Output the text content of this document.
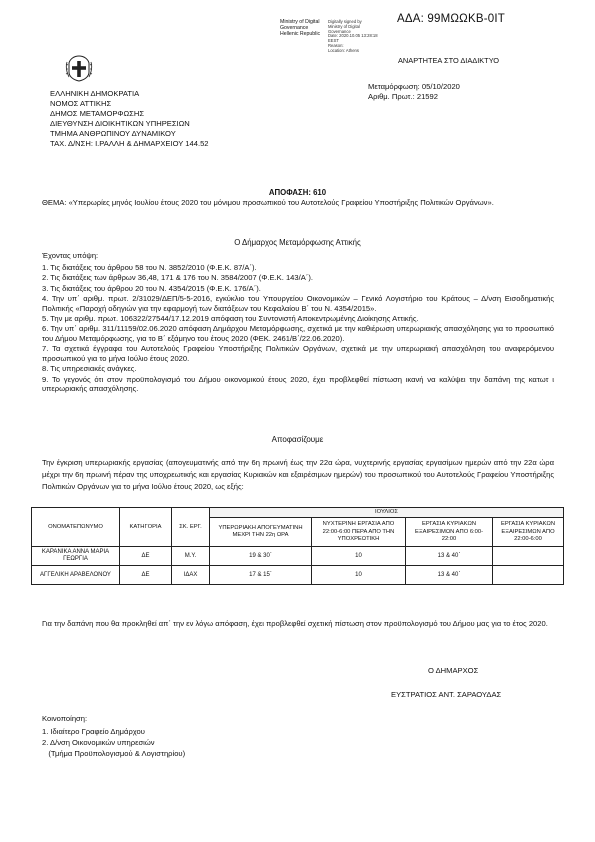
ΑΔΑ: 99ΜΩΩΚΒ-0ΙΤ
Ministry of Digital
Governance
Hellenic Republic
Digitally signed by
Ministry of Digital
Governance
Date: 2020.10.05 13:28:18
EEST
Reason:
Location: Athens
ΑΝΑΡΤΗΤΕΑ ΣΤΟ ΔΙΑΔΙΚΤΥΟ
ΕΛΛΗΝΙΚΗ ΔΗΜΟΚΡΑΤΙΑ
ΝΟΜΟΣ ΑΤΤΙΚΗΣ
ΔΗΜΟΣ ΜΕΤΑΜΟΡΦΩΣΗΣ
ΔΙΕΥΘΥΝΣΗ ΔΙΟΙΚΗΤΙΚΩΝ ΥΠΗΡΕΣΙΩΝ
ΤΜΗΜΑ ΑΝΘΡΩΠΙΝΟΥ ΔΥΝΑΜΙΚΟΥ
ΤΑΧ. Δ/ΝΣΗ: Ι.ΡΑΛΛΗ & ΔΗΜΑΡΧΕΙΟΥ 144.52
Μεταμόρφωση: 05/10/2020
Αριθμ. Πρωτ.: 21592
ΑΠΟΦΑΣΗ: 610
ΘΕΜΑ: «Υπερωρίες μηνός Ιουλίου έτους 2020 του μόνιμου προσωπικού του Αυτοτελούς Γραφείου Υποστήριξης Πολιτικών Οργάνων».
Ο Δήμαρχος Μεταμόρφωσης Αττικής
Έχοντας υπόψη:
1. Τις διατάξεις του άρθρου 58 του Ν. 3852/2010 (Φ.Ε.Κ. 87/Α΄).
2. Τις διατάξεις των άρθρων 36,48, 171 & 176 του Ν. 3584/2007 (Φ.Ε.Κ. 143/Α΄).
3. Τις διατάξεις του άρθρου 20 του Ν. 4354/2015 (Φ.Ε.Κ. 176/Α΄).
4. Την υπ΄ αριθμ. πρωτ. 2/31029/ΔΕΠ/5-5-2016, εγκύκλιο του Υπουργείου Οικονομικών – Γενικό Λογιστήριο του Κράτους – Δ/νση Εισοδηματικής Πολιτικής «Παροχή οδηγιών για την εφαρμογή των διατάξεων του Κεφαλαίου Β΄ του Ν. 4354/2015».
5. Την με αριθμ. πρωτ. 106322/27544/17.12.2019 απόφαση του Συντονιστή Αποκεντρωμένης Διοίκησης Αττικής.
6. Την υπ΄ αριθμ. 311/11159/02.06.2020 απόφαση Δημάρχου Μεταμόρφωσης, σχετικά με την καθιέρωση υπερωριακής απασχόλησης για το προσωπικό του Δήμου Μεταμόρφωσης, για το Β΄ εξάμηνο του έτους 2020 (ΦΕΚ. 2461/Β΄/22.06.2020).
7. Τα σχετικά έγγραφα του Αυτοτελούς Γραφείου Υποστήριξης Πολιτικών Οργάνων, σχετικά με την υπερωριακή απασχόληση του αναφερόμενου προσωπικού για το μήνα Ιούλιο έτους 2020.
8. Τις υπηρεσιακές ανάγκες.
9. Το γεγονός ότι στον προϋπολογισμό του Δήμου οικονομικού έτους 2020, έχει προβλεφθεί πίστωση ικανή να καλύψει την δαπάνη της κατωτ ι υπερωριακής απασχόλησης.
Αποφασίζουμε
Την έγκριση υπερωριακής εργασίας (απογευματινής από την 6η πρωινή έως την 22α ώρα, νυχτερινής εργασίας εργασίμων ημερών από την 22α ώρα μέχρι την 6η πρωινή πέραν της υποχρεωτικής και εργασίας Κυριακών και εξαιρέσιμων ημερών) του προσωπικού του Αυτοτελούς Γραφείου Υποστήριξης Πολιτικών Οργάνων για το μήνα Ιούλιο έτους 2020, ως εξής:
ΟΝΟΜΑΤΕΠΩΝΥΜΟ	ΚΑΤΗΓΟΡΙΑ	ΣΚ. ΕΡΓ.	ΙΟΥΛΙΟΣ			
			ΥΠΕΡΩΡΙΑΚΗ ΑΠΟΓΕΥΜΑΤΙΝΗ ΜΕΧΡΙ ΤΗΝ 22η ΩΡΑ	ΝΥΧΤΕΡΙΝΗ ΕΡΓΑΣΙΑ ΑΠΟ 22:00-6:00 ΠΕΡΑ ΑΠΟ ΤΗΝ ΥΠΟΧΡΕΩΤΙΚΗ	ΕΡΓΑΣΙΑ ΚΥΡΙΑΚΩΝ ΕΞΑΙΡΕΣΙΜΩΝ ΑΠΟ 6:00-22:00	ΕΡΓΑΣΙΑ ΚΥΡΙΑΚΩΝ ΕΞΑΙΡΕΣΙΜΩΝ ΑΠΟ 22:00-6:00
ΚΑΡΑΝΙΚΑ ΑΝΝΑ ΜΑΡΙΑ ΓΕΩΡΓΙΑ	ΔΕ	Μ.Υ.	19 & 30΄	10	13 & 40΄	
ΑΓΓΕΛΙΚΗ ΑΡΑΒΕΛΟΝΟΥ	ΔΕ	ΙΔΑΧ	17 & 15΄	10	13 & 40΄	
Για την δαπάνη που θα προκληθεί απ΄ την εν λόγω απόφαση, έχει προβλεφθεί σχετική πίστωση στον προϋπολογισμό του Δήμου μας για το έτος 2020.
Ο ΔΗΜΑΡΧΟΣ
ΕΥΣΤΡΑΤΙΟΣ ΑΝΤ. ΣΑΡΑΟΥΔΑΣ
Κοινοποίηση:
1. Ιδιαίτερο Γραφείο Δημάρχου
2. Δ/νση Οικονομικών υπηρεσιών
(Τμήμα Προϋπολογισμού & Λογιστηρίου)
